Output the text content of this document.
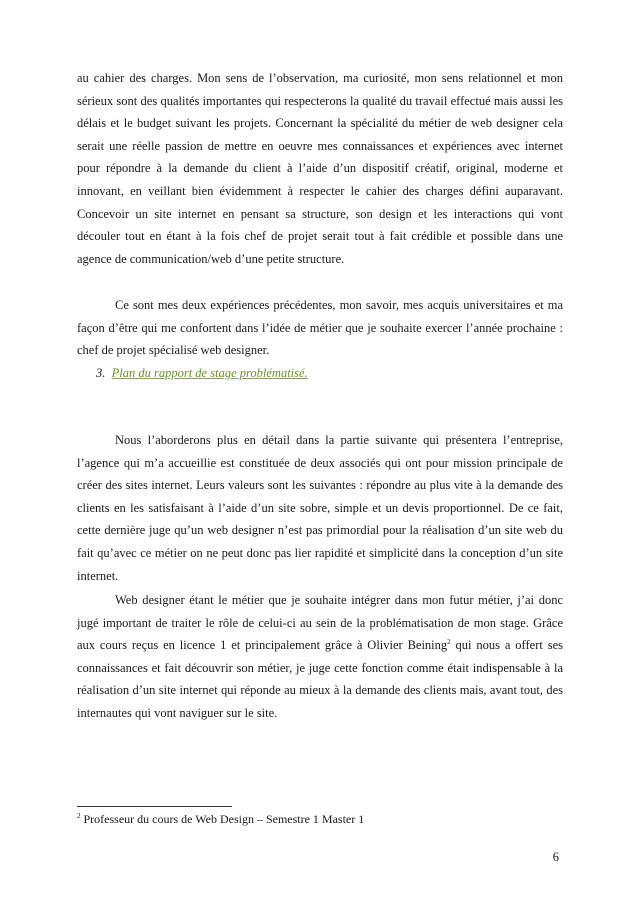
au cahier des charges. Mon sens de l’observation, ma curiosité, mon sens relationnel et mon sérieux sont des qualités importantes qui respecterons la qualité du travail effectué mais aussi les délais et le budget suivant les projets. Concernant la spécialité du métier de web designer cela serait une réelle passion de mettre en oeuvre mes connaissances et expériences avec internet pour répondre à la demande du client à l’aide d’un dispositif créatif, original, moderne et innovant, en veillant bien évidemment à respecter le cahier des charges défini auparavant. Concevoir un site internet en pensant sa structure, son design et les interactions qui vont découler tout en étant à la fois chef de projet serait tout à fait crédible et possible dans une agence de communication/web d’une petite structure.

Ce sont mes deux expériences précédentes, mon savoir, mes acquis universitaires et ma façon d’être qui me confortent dans l’idée de métier que je souhaite exercer l’année prochaine : chef de projet spécialisé web designer.

3. Plan du rapport de stage problématisé.

Nous l’aborderons plus en détail dans la partie suivante qui présentera l’entreprise, l’agence qui m’a accueillie est constituée de deux associés qui ont pour mission principale de créer des sites internet. Leurs valeurs sont les suivantes : répondre au plus vite à la demande des clients en les satisfaisant à l’aide d’un site sobre, simple et un devis proportionnel. De ce fait, cette dernière juge qu’un web designer n’est pas primordial pour la réalisation d’un site web du fait qu’avec ce métier on ne peut donc pas lier rapidité et simplicité dans la conception d’un site internet.

Web designer étant le métier que je souhaite intégrer dans mon futur métier, j’ai donc jugé important de traiter le rôle de celui-ci au sein de la problématisation de mon stage. Grâce aux cours reçus en licence 1 et principalement grâce à Olivier Beining$^2$ qui nous a offert ses connaissances et fait découvrir son métier, je juge cette fonction comme était indispensable à la réalisation d’un site internet qui réponde au mieux à la demande des clients mais, avant tout, des internautes qui vont naviguer sur le site.

$^2$ Professeur du cours de Web Design – Semestre 1 Master 1

6
